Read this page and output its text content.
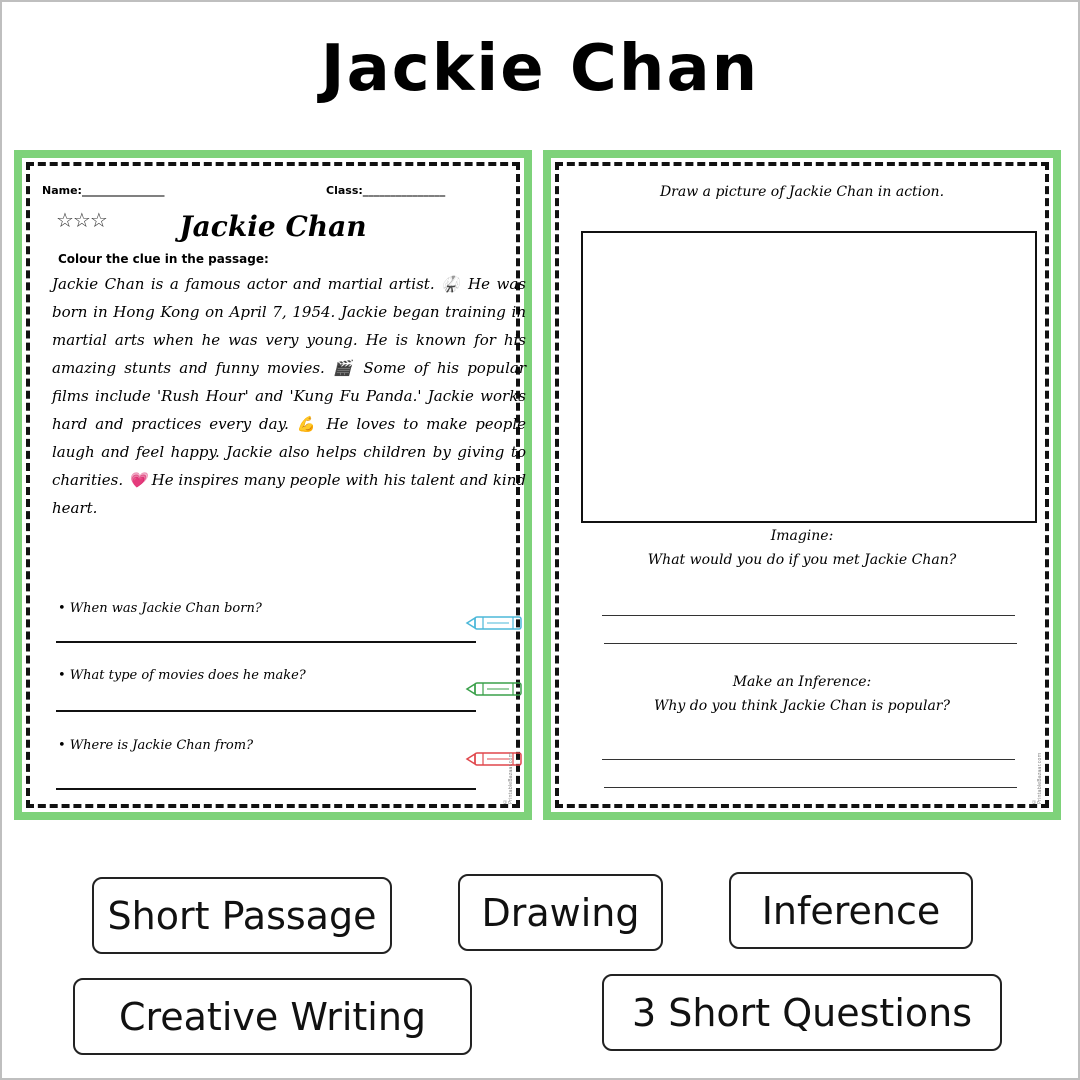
Jackie Chan
Name:_______________	Class:_______________
☆☆☆	Jackie Chan
Colour the clue in the passage:
Jackie Chan is a famous actor and martial artist. 🥋 He was born in Hong Kong on April 7, 1954. Jackie began training in martial arts when he was very young. He is known for his amazing stunts and funny movies. 🎬 Some of his popular films include 'Rush Hour' and 'Kung Fu Panda.' Jackie works hard and practices every day. 💪 He loves to make people laugh and feel happy. Jackie also helps children by giving to charities. 💗 He inspires many people with his talent and kind heart.
• When was Jackie Chan born?
• What type of movies does he make?
• Where is Jackie Chan from?
© PrintableBazaar.com
Draw a picture of Jackie Chan in action.
Imagine:
What would you do if you met Jackie Chan?
Make an Inference:
Why do you think Jackie Chan is popular?
© PrintableBazaar.com
Short Passage	Drawing	Inference
Creative Writing	3 Short Questions
